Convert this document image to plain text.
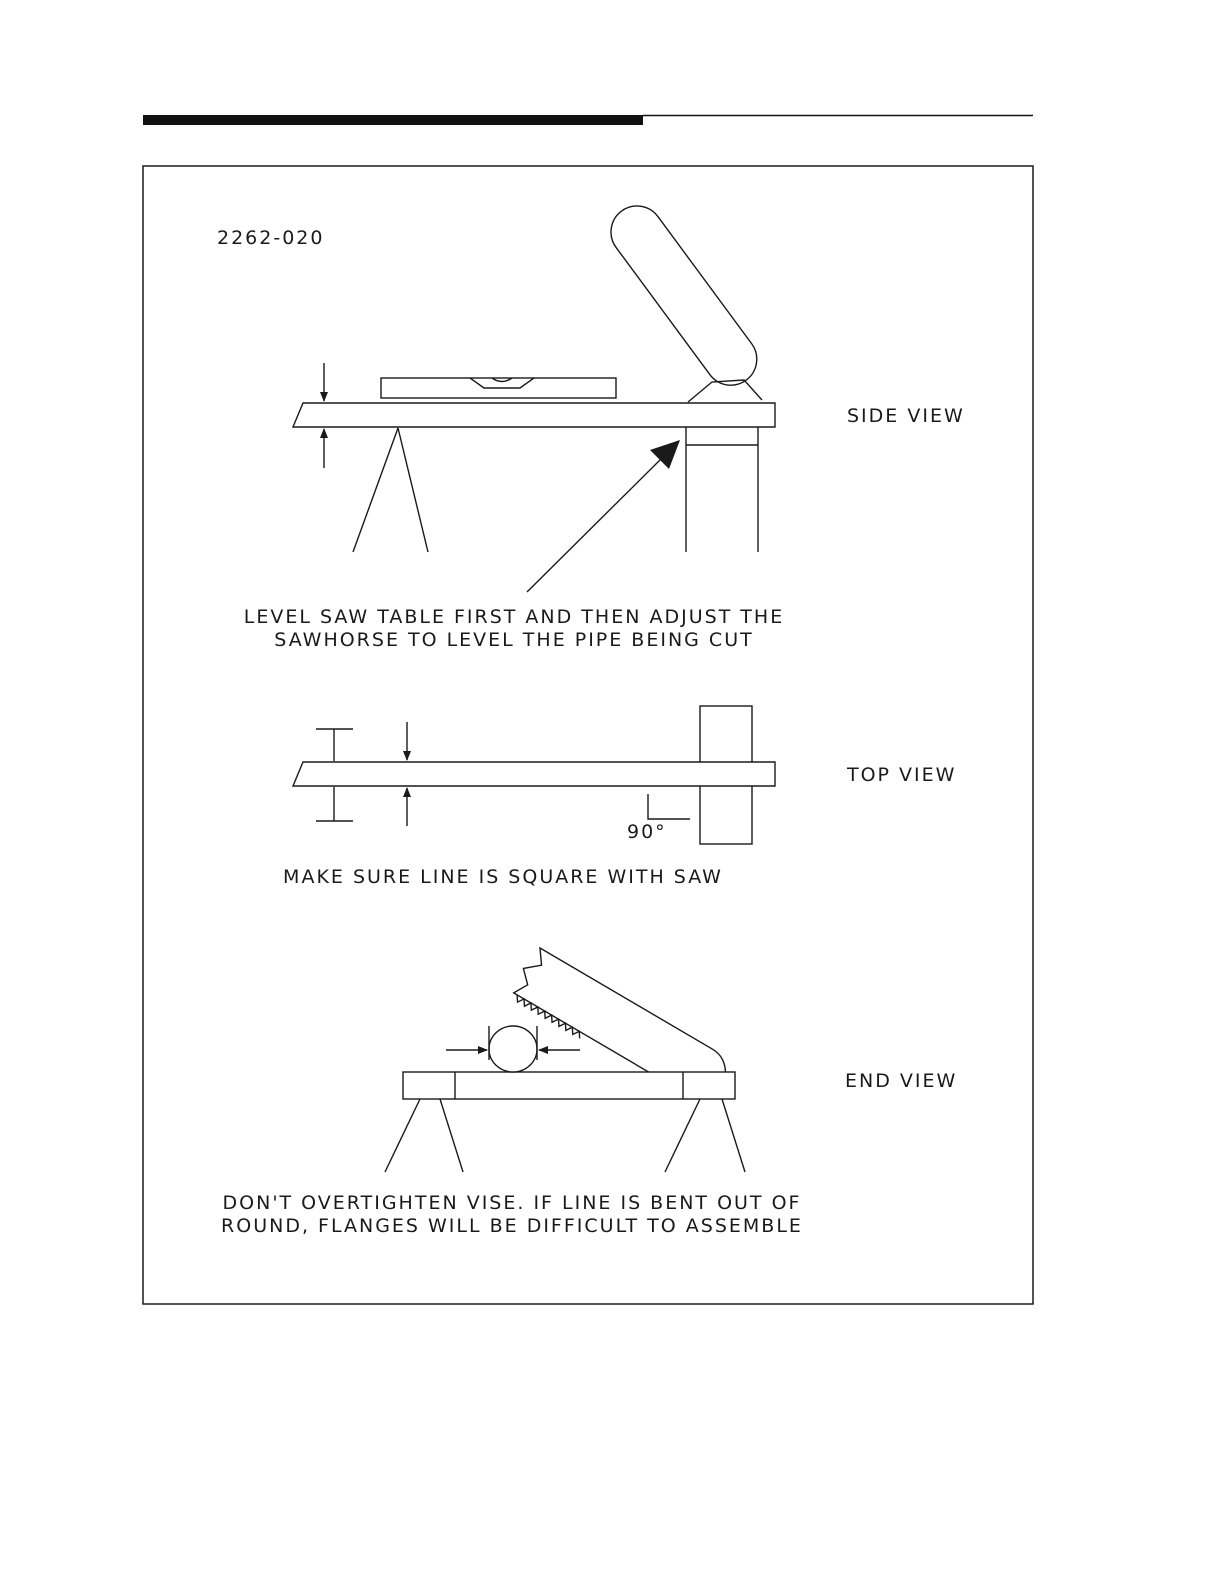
2262-020
SIDE VIEW
LEVEL SAW TABLE FIRST AND THEN ADJUST THE
SAWHORSE TO LEVEL THE PIPE BEING CUT
90°
TOP VIEW
MAKE SURE LINE IS SQUARE WITH SAW
END VIEW
DON'T OVERTIGHTEN VISE. IF LINE IS BENT OUT OF
ROUND, FLANGES WILL BE DIFFICULT TO ASSEMBLE
